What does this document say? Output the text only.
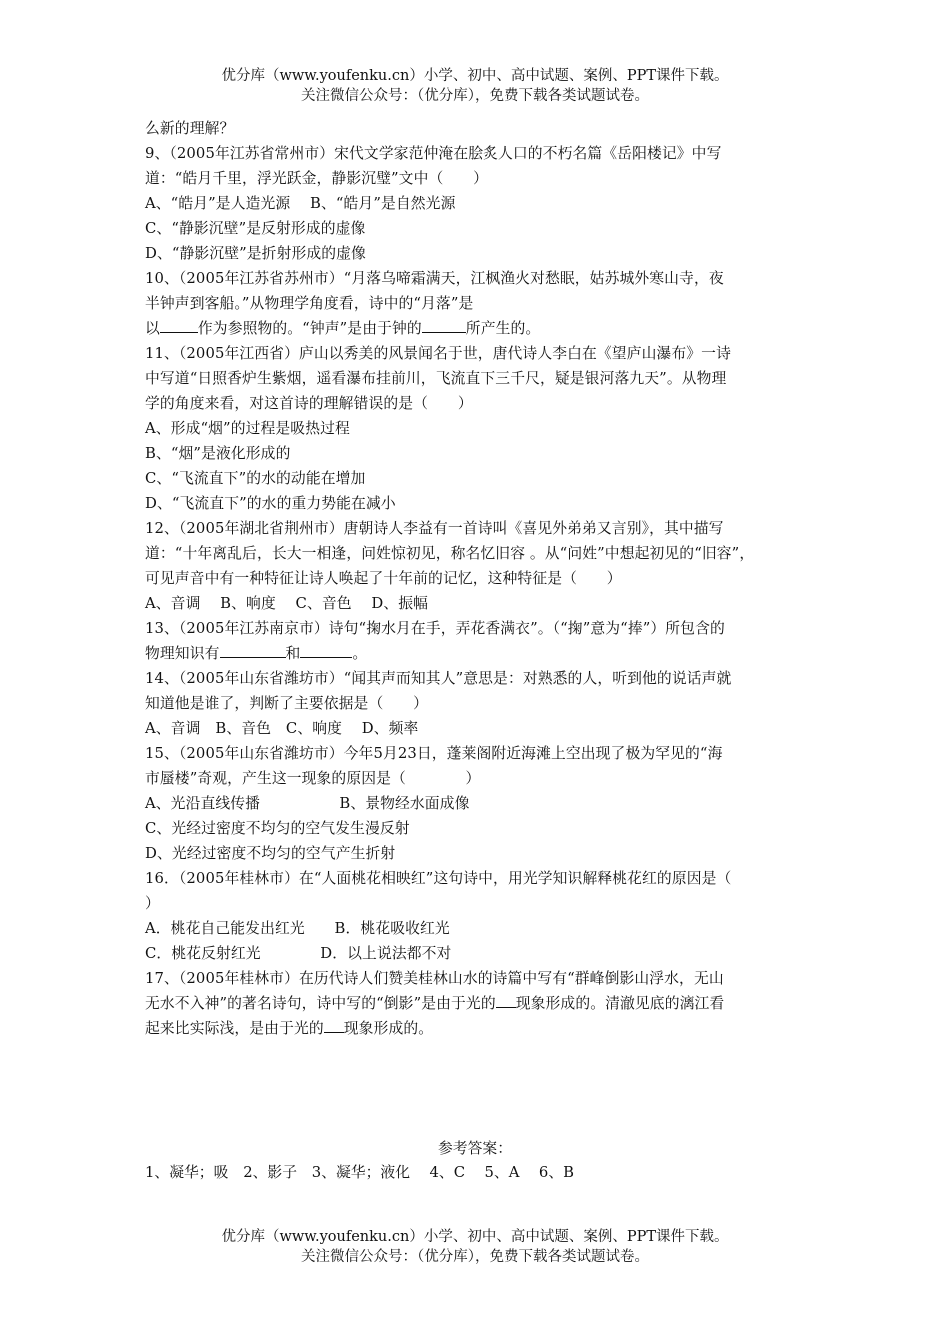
优分库（www.youfenku.cn）小学、初中、高中试题、案例、PPT课件下载。
关注微信公众号：（优分库），免费下载各类试题试卷。
么新的理解？
9、（2005年江苏省常州市）宋代文学家范仲淹在脍炙人口的不朽名篇《岳阳楼记》中写
道：“皓月千里，浮光跃金，静影沉璧”文中（　　）
A、“皓月”是人造光源　 B、“皓月”是自然光源
C、“静影沉壁”是反射形成的虚像
D、“静影沉壁”是折射形成的虚像
10、（2005年江苏省苏州市）“月落乌啼霜满天，江枫渔火对愁眠，姑苏城外寒山寺，夜
半钟声到客船。”从物理学角度看，诗中的“月落”是
以	作为参照物的。“钟声”是由于钟的	所产生的。
11、（2005年江西省）庐山以秀美的风景闻名于世，唐代诗人李白在《望庐山瀑布》一诗
中写道“日照香炉生紫烟，遥看瀑布挂前川，飞流直下三千尺，疑是银河落九天”。从物理
学的角度来看，对这首诗的理解错误的是（　　）
A、形成“烟”的过程是吸热过程
B、“烟”是液化形成的
C、“飞流直下”的水的动能在增加
D、“飞流直下”的水的重力势能在减小
12、（2005年湖北省荆州市）唐朝诗人李益有一首诗叫《喜见外弟弟又言别》，其中描写
道：“十年离乱后，长大一相逢，问姓惊初见，称名忆旧容 。从“问姓”中想起初见的“旧容”，
可见声音中有一种特征让诗人唤起了十年前的记忆，这种特征是（　　）
A、音调　 B、响度　 C、音色　 D、振幅
13、（2005年江苏南京市）诗句“掬水月在手，弄花香满衣”。（“掬”意为“捧”）所包含的
物理知识有	和	。
14、（2005年山东省潍坊市）“闻其声而知其人”意思是：对熟悉的人，听到他的说话声就
知道他是谁了，判断了主要依据是（　　）
A、音调　B、音色　C、响度　 D、频率
15、（2005年山东省潍坊市）今年5月23日，蓬莱阁附近海滩上空出现了极为罕见的“海
市蜃楼”奇观，产生这一现象的原因是（　　　　）
A、光沿直线传播　　　　　 B、景物经水面成像
C、光经过密度不均匀的空气发生漫反射
D、光经过密度不均匀的空气产生折射
16．（2005年桂林市）在“人面桃花相映红”这句诗中，用光学知识解释桃花红的原因是（
）
A．桃花自己能发出红光　　B．桃花吸收红光
C．桃花反射红光　　　　D．以上说法都不对
17、（2005年桂林市）在历代诗人们赞美桂林山水的诗篇中写有“群峰倒影山浮水，无山
无水不入神”的著名诗句，诗中写的“倒影”是由于光的 现象形成的。清澈见底的漓江看
起来比实际浅，是由于光的 现象形成的。
参考答案：
1、凝华；吸　2、影子　3、凝华；液化　 4、C　 5、A　 6、B
优分库（www.youfenku.cn）小学、初中、高中试题、案例、PPT课件下载。
关注微信公众号：（优分库），免费下载各类试题试卷。
